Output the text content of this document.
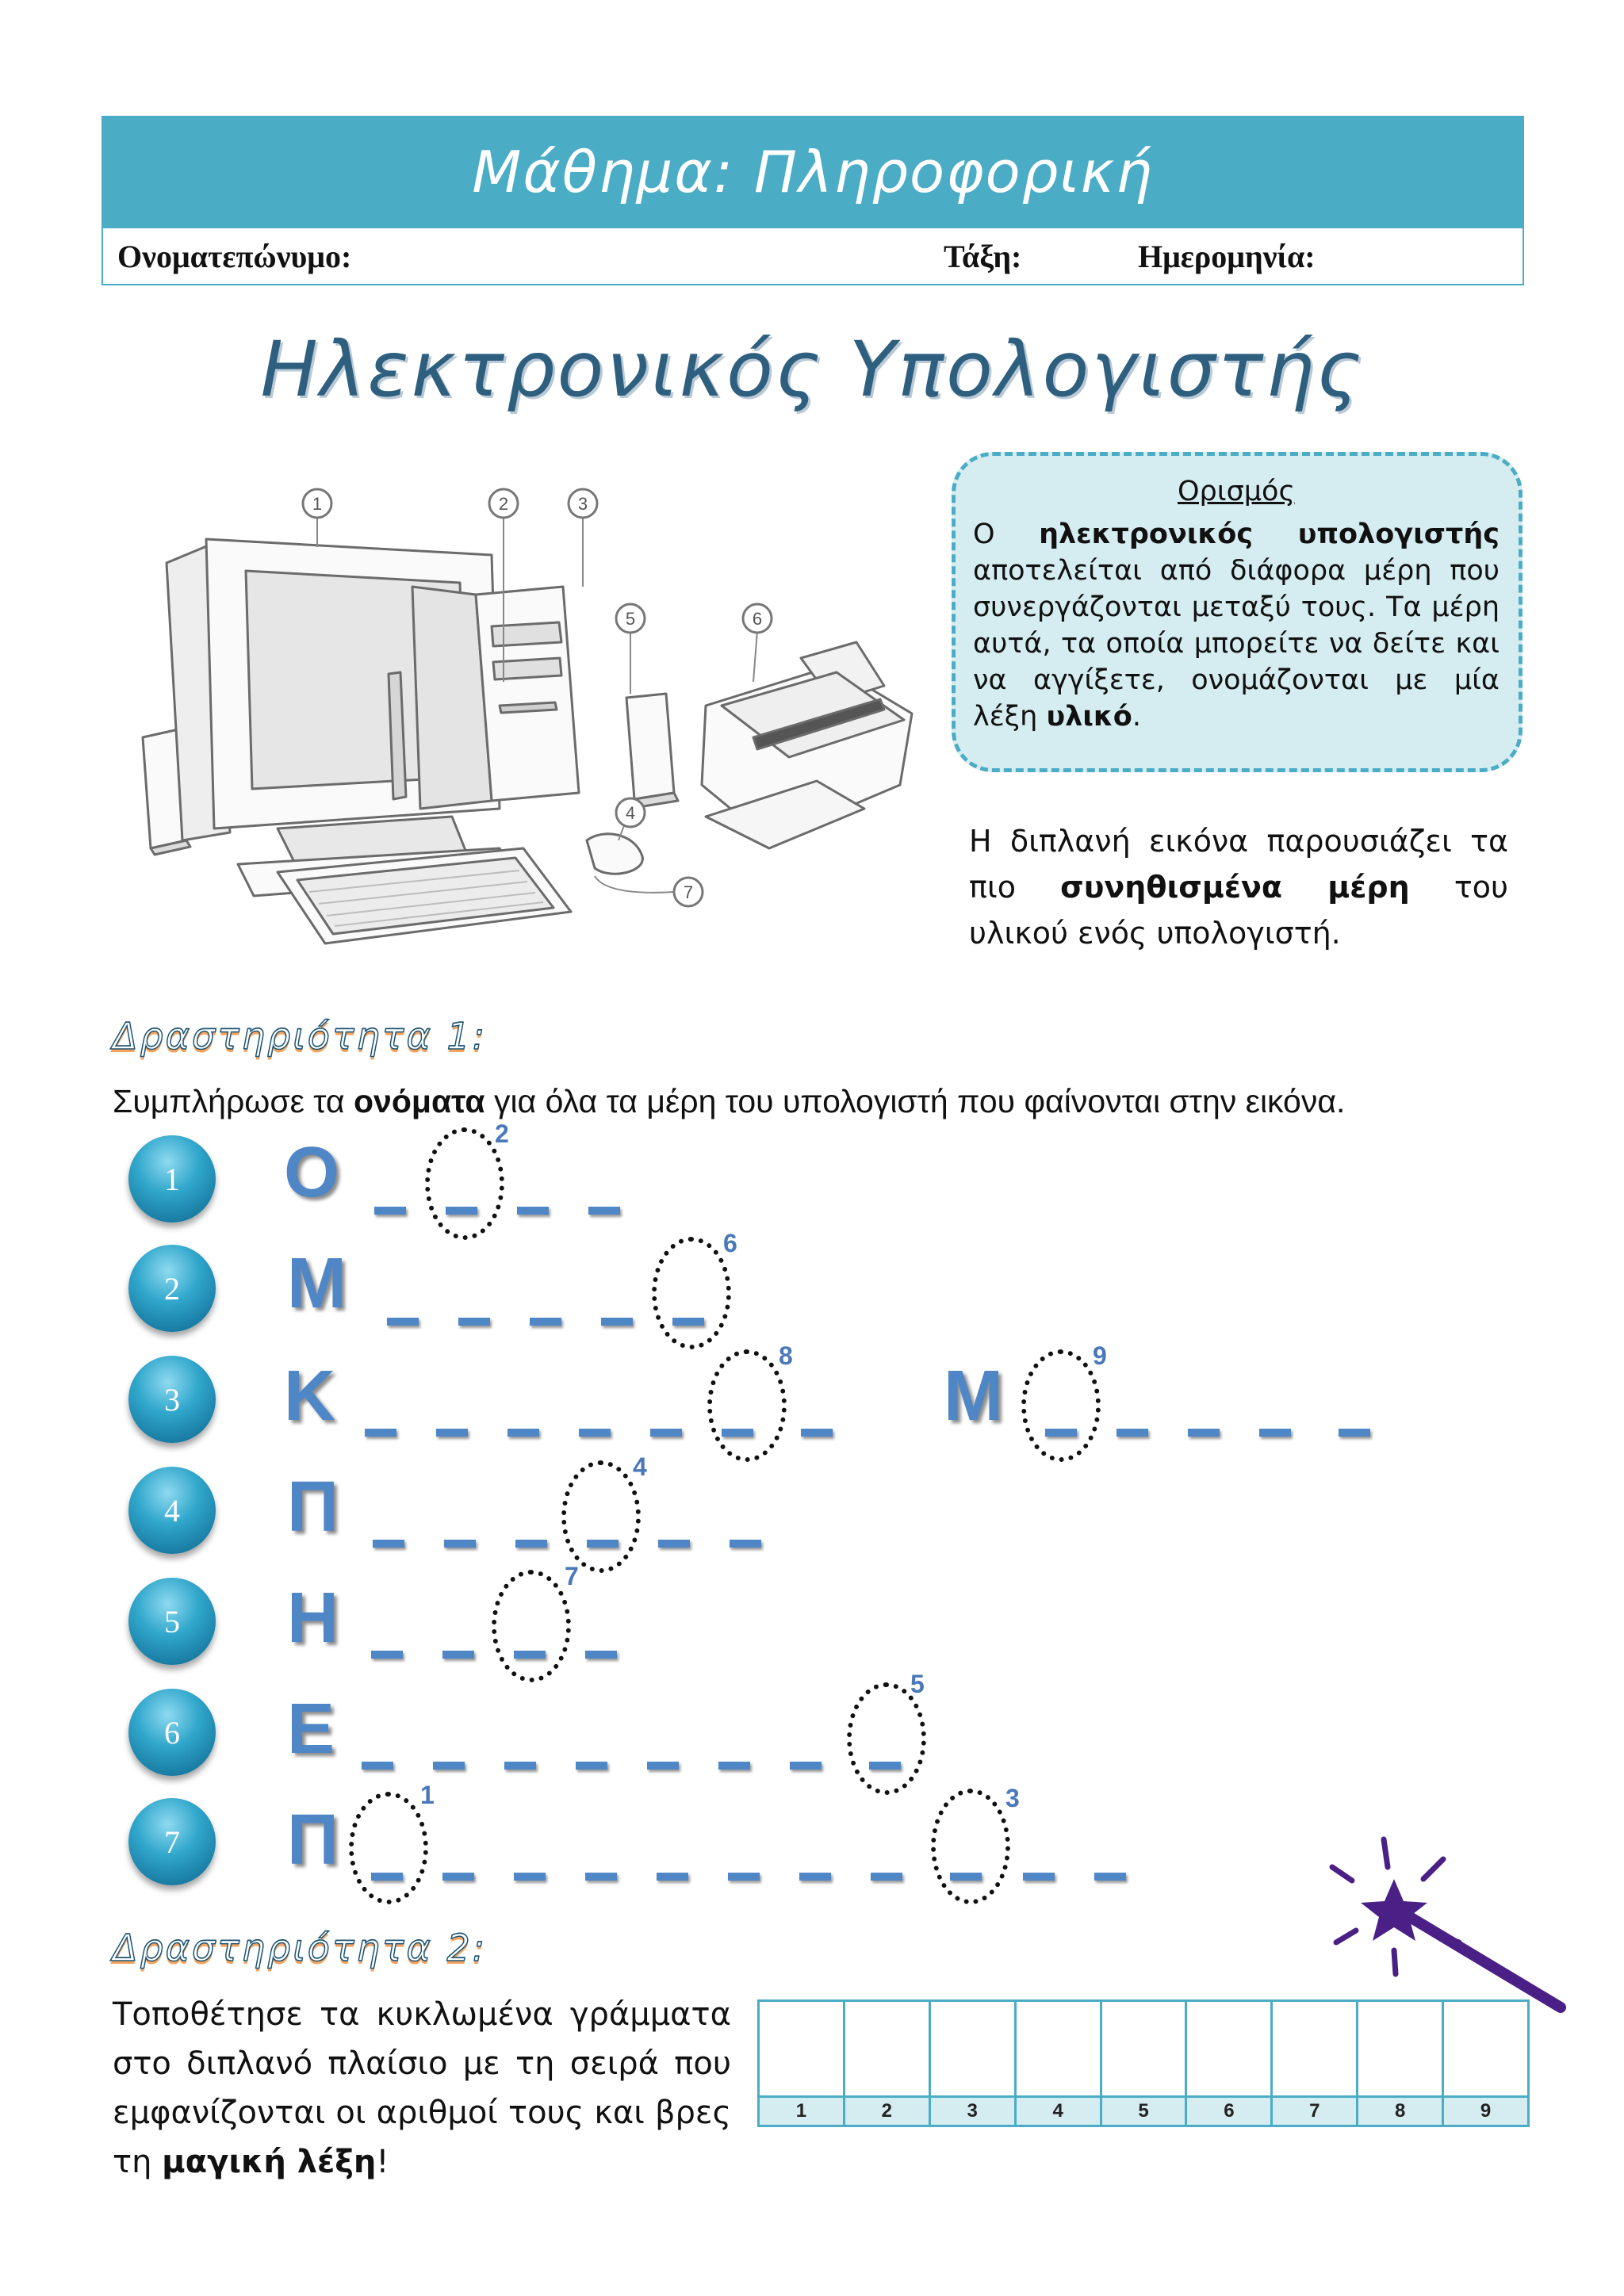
Μάθημα: Πληροφορική
Ονοματεπώνυμο:	Τάξη:	Ημερομηνία:
Ηλεκτρονικός Υπολογιστής
1	2	3
4
5	6
7
Ορισμός
Ο ηλεκτρονικός υπολογιστής αποτελείται από διάφορα μέρη που συνεργάζονται μεταξύ τους. Τα μέρη αυτά, τα οποία μπορείτε να δείτε και να αγγίξετε, ονομάζονται με μία λέξη υλικό.
Η διπλανή εικόνα παρουσιάζει τα πιο συνηθισμένα μέρη του υλικού ενός υπολογιστή.
Δραστηριότητα 1:
Συμπλήρωσε τα ονόματα για όλα τα μέρη του υπολογιστή που φαίνονται στην εικόνα.
1	Ο	2
2	Μ
6
3	Κ
8
Μ
9
4	Π
4
5	Η
7
6	Ε
5
7	Π
1	3
Δραστηριότητα 2:
Τοποθέτησε τα κυκλωμένα γράμματα στο διπλανό πλαίσιο με τη σειρά που εμφανίζονται οι αριθμοί τους και βρες τη μαγική λέξη!
1	2	3	4	5	6	7	8	9
